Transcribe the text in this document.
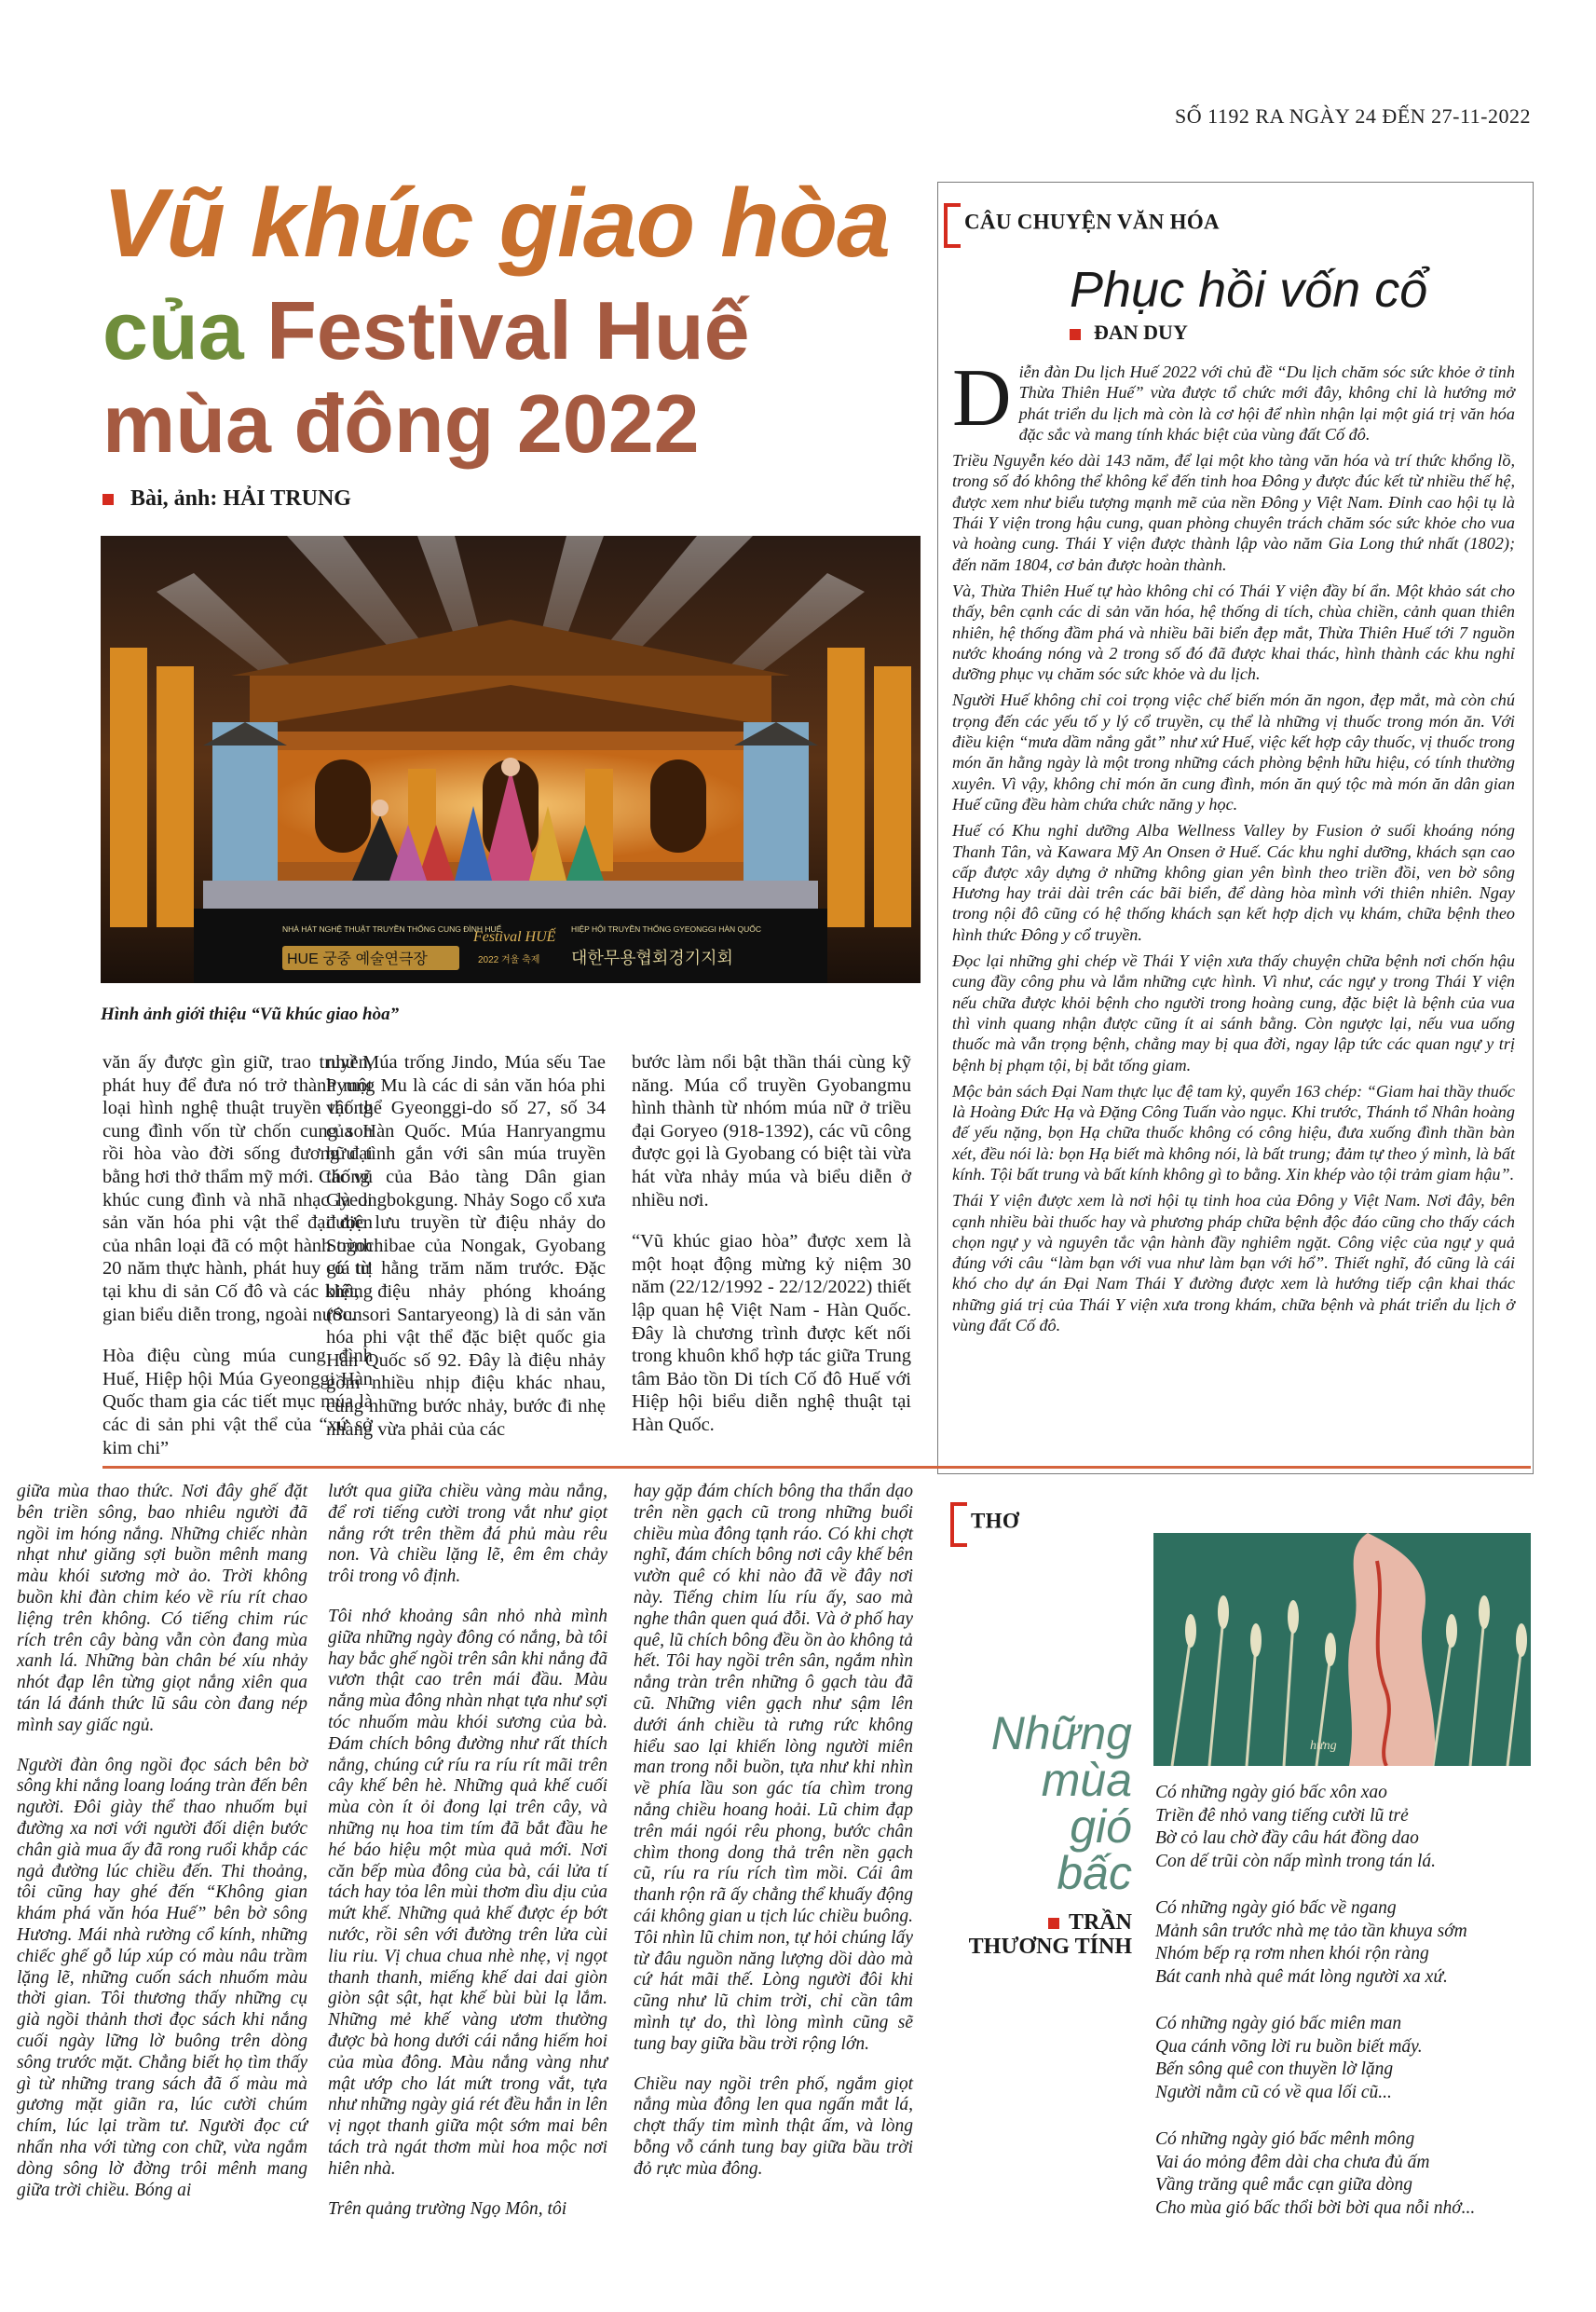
SỐ 1192 RA NGÀY 24 ĐẾN 27-11-2022
Vũ khúc giao hòa
của Festival Huế
mùa đông 2022
Bài, ảnh: HẢI TRUNG
NHÀ HÁT NGHỆ THUẬT TRUYỀN THỐNG CUNG ĐÌNH HUẾ
HUE 궁중 예술연극장
Festival HUẾ
2022 겨울 축제
HIỆP HỘI TRUYỀN THỐNG GYEONGGI HÀN QUỐC
대한무용협회경기지회
Hình ảnh giới thiệu “Vũ khúc giao hòa”

văn ấy được gìn giữ, trao truyền, phát huy để đưa nó trở thành một loại hình nghệ thuật truyền thống cung đình vốn từ chốn cung son rồi hòa vào đời sống đương đại bằng hơi thở thẩm mỹ mới. Các vũ khúc cung đình và nhã nhạc là di sản văn hóa phi vật thể đại diện của nhân loại đã có một hành trình 20 năm thực hành, phát huy giá trị tại khu di sản Cố đô và các không gian biểu diễn trong, ngoài nước.

Hòa điệu cùng múa cung đình Huế, Hiệp hội Múa Gyeonggi Hàn Quốc tham gia các tiết mục múa là các di sản phi vật thể của “xứ sở kim chi”

như Múa trống Jindo, Múa sếu Tae Pyung Mu là các di sản văn hóa phi vật thể Gyeonggi-do số 27, số 34 của Hàn Quốc. Múa Hanryangmu hữu tình gắn với sân múa truyền thống của Bảo tàng Dân gian Gyeongbokgung. Nhảy Sogo cổ xưa được lưu truyền từ điệu nhảy do Sogochibae của Nongak, Gyobang có từ hằng trăm năm trước. Đặc biệt, điệu nhảy phóng khoáng (Sunsori Santaryeong) là di sản văn hóa phi vật thể đặc biệt quốc gia Hàn Quốc số 92. Đây là điệu nhảy gồm nhiều nhịp điệu khác nhau, cùng những bước nhảy, bước đi nhẹ nhàng vừa phải của các

bước làm nổi bật thần thái cùng kỹ năng. Múa cổ truyền Gyobangmu hình thành từ nhóm múa nữ ở triều đại Goryeo (918-1392), các vũ công được gọi là Gyobang có biệt tài vừa hát vừa nhảy múa và biểu diễn ở nhiều nơi.

“Vũ khúc giao hòa” được xem là một hoạt động mừng kỷ niệm 30 năm (22/12/1992 - 22/12/2022) thiết lập quan hệ Việt Nam - Hàn Quốc. Đây là chương trình được kết nối trong khuôn khổ hợp tác giữa Trung tâm Bảo tồn Di tích Cố đô Huế với Hiệp hội biểu diễn nghệ thuật tại Hàn Quốc.

CÂU CHUYỆN VĂN HÓA
Phục hồi vốn cổ
ĐAN DUY

Diễn đàn Du lịch Huế 2022 với chủ đề “Du lịch chăm sóc sức khỏe ở tỉnh Thừa Thiên Huế” vừa được tổ chức mới đây, không chỉ là hướng mở phát triển du lịch mà còn là cơ hội để nhìn nhận lại một giá trị văn hóa đặc sắc và mang tính khác biệt của vùng đất Cố đô.

Triều Nguyễn kéo dài 143 năm, để lại một kho tàng văn hóa và trí thức khổng lồ, trong số đó không thể không kể đến tinh hoa Đông y được đúc kết từ nhiều thế hệ, được xem như biểu tượng mạnh mẽ của nền Đông y Việt Nam. Đỉnh cao hội tụ là Thái Y viện trong hậu cung, quan phòng chuyên trách chăm sóc sức khỏe cho vua và hoàng cung. Thái Y viện được thành lập vào năm Gia Long thứ nhất (1802); đến năm 1804, cơ bản được hoàn thành.

Và, Thừa Thiên Huế tự hào không chỉ có Thái Y viện đầy bí ẩn. Một khảo sát cho thấy, bên cạnh các di sản văn hóa, hệ thống di tích, chùa chiền, cảnh quan thiên nhiên, hệ thống đầm phá và nhiều bãi biển đẹp mắt, Thừa Thiên Huế tới 7 nguồn nước khoáng nóng và 2 trong số đó đã được khai thác, hình thành các khu nghỉ dưỡng phục vụ chăm sóc sức khỏe và du lịch.

Người Huế không chỉ coi trọng việc chế biến món ăn ngon, đẹp mắt, mà còn chú trọng đến các yếu tố y lý cổ truyền, cụ thể là những vị thuốc trong món ăn. Với điều kiện “mưa dầm nắng gắt” như xứ Huế, việc kết hợp cây thuốc, vị thuốc trong món ăn hằng ngày là một trong những cách phòng bệnh hữu hiệu, có tính thường xuyên. Vì vậy, không chỉ món ăn cung đình, món ăn quý tộc mà món ăn dân gian Huế cũng đều hàm chứa chức năng y học.

Huế có Khu nghỉ dưỡng Alba Wellness Valley by Fusion ở suối khoáng nóng Thanh Tân, và Kawara Mỹ An Onsen ở Huế. Các khu nghỉ dưỡng, khách sạn cao cấp được xây dựng ở những không gian yên bình theo triền đồi, ven bờ sông Hương hay trải dài trên các bãi biển, để dàng hòa mình với thiên nhiên. Ngay trong nội đô cũng có hệ thống khách sạn kết hợp dịch vụ khám, chữa bệnh theo hình thức Đông y cổ truyền.

Đọc lại những ghi chép về Thái Y viện xưa thấy chuyện chữa bệnh nơi chốn hậu cung đầy công phu và lắm những cực hình. Vì như, các ngự y trong Thái Y viện nếu chữa được khỏi bệnh cho người trong hoàng cung, đặc biệt là bệnh của vua thì vinh quang nhận được cũng ít ai sánh bằng. Còn ngược lại, nếu vua uống thuốc mà vẫn trọng bệnh, chẳng may bị qua đời, ngay lập tức các quan ngự y trị bệnh bị phạm tội, bị bắt tống giam.

Mộc bản sách Đại Nam thực lục đệ tam kỷ, quyển 163 chép: “Giam hai thầy thuốc là Hoàng Đức Hạ và Đặng Công Tuấn vào ngục. Khi trước, Thánh tổ Nhân hoàng đế yếu nặng, bọn Hạ chữa thuốc không có công hiệu, đưa xuống đình thần bàn xét, đều nói là: bọn Hạ biết mà không nói, là bất trung; đảm tự theo ý mình, là bất kính. Tội bất trung và bất kính không gì to bằng. Xin khép vào tội trảm giam hậu”.

Thái Y viện được xem là nơi hội tụ tinh hoa của Đông y Việt Nam. Nơi đây, bên cạnh nhiều bài thuốc hay và phương pháp chữa bệnh độc đáo cũng cho thấy cách chọn ngự y và nguyên tắc vận hành đầy nghiêm ngặt. Công việc của ngự y quả đúng với câu “làm bạn với vua như làm bạn với hổ”. Thiết nghĩ, đó cũng là cái khó cho dự án Đại Nam Thái Y đường được xem là hướng tiếp cận khai thác những giá trị của Thái Y viện xưa trong khám, chữa bệnh và phát triển du lịch ở vùng đất Cố đô.

giữa mùa thao thức. Nơi đây ghế đặt bên triền sông, bao nhiêu người đã ngồi im hóng nắng. Những chiếc nhàn nhạt như giăng sợi buồn mênh mang màu khói sương mờ ảo. Trời không buồn khi đàn chim kéo về ríu rít chao liệng trên không. Có tiếng chim rúc rích trên cây bàng vẫn còn đang mùa xanh lá. Những bàn chân bé xíu nhảy nhót đạp lên từng giọt nắng xiên qua tán lá đánh thức lũ sâu còn đang nép mình say giấc ngủ.

Người đàn ông ngồi đọc sách bên bờ sông khi nắng loang loáng tràn đến bên người. Đôi giày thể thao nhuốm bụi đường xa nơi với người đối diện bước chân già mua ấy đã rong ruổi khắp các ngả đường lúc chiều đến. Thi thoảng, tôi cũng hay ghé đến “Không gian khám phá văn hóa Huế” bên bờ sông Hương. Mái nhà rường cổ kính, những chiếc ghế gỗ lúp xúp có màu nâu trầm lặng lẽ, những cuốn sách nhuốm màu thời gian. Tôi thương thấy những cụ già ngồi thảnh thơi đọc sách khi nắng cuối ngày lững lờ buông trên dòng sông trước mặt. Chẳng biết họ tìm thấy gì từ những trang sách đã ố màu mà gương mặt giãn ra, lúc cười chúm chím, lúc lại trầm tư. Người đọc cứ nhẩn nha với từng con chữ, vừa ngắm dòng sông lờ đờng trôi mênh mang giữa trời chiều. Bóng ai

lướt qua giữa chiều vàng màu nắng, để rơi tiếng cười trong vắt như giọt nắng rớt trên thềm đá phủ màu rêu non. Và chiều lặng lẽ, êm êm chảy trôi trong vô định.

Tôi nhớ khoảng sân nhỏ nhà mình giữa những ngày đông có nắng, bà tôi hay bắc ghế ngồi trên sân khi nắng đã vươn thật cao trên mái đầu. Màu nắng mùa đông nhàn nhạt tựa như sợi tóc nhuốm màu khói sương của bà. Đám chích bông đường như rất thích nắng, chúng cứ ríu ra ríu rít mãi trên cây khế bên hè. Những quả khế cuối mùa còn ít ỏi đong lại trên cây, và những nụ hoa tim tím đã bắt đầu he hé báo hiệu một mùa quả mới. Nơi căn bếp mùa đông của bà, cái lửa tí tách hay tỏa lên mùi thơm dìu dịu của mứt khế. Những quả khế được ép bớt nước, rồi sên với đường trên lửa cùi liu riu. Vị chua chua nhè nhẹ, vị ngọt thanh thanh, miếng khế dai dai giòn giòn sật sật, hạt khế bùi bùi lạ lắm. Những mẻ khế vàng ươm thường được bà hong dưới cái nắng hiếm hoi của mùa đông. Màu nắng vàng như mật ướp cho lát mứt trong vắt, tựa như những ngày giá rét đều hắn in lên vị ngọt thanh giữa một sớm mai bên tách trà ngát thơm mùi hoa mộc nơi hiên nhà.

Trên quảng trường Ngọ Môn, tôi

hay gặp đám chích bông tha thẩn dạo trên nền gạch cũ trong những buổi chiều mùa đông tạnh ráo. Có khi chợt nghĩ, đám chích bông nơi cây khế bên vườn quê có khi nào đã về đây nơi này. Tiếng chim líu ríu ấy, sao mà nghe thân quen quá đỗi. Và ở phố hay quê, lũ chích bông đều ồn ào không tả hết. Tôi hay ngồi trên sân, ngắm nhìn nắng tràn trên những ô gạch tàu đã cũ. Những viên gạch như sậm lên dưới ánh chiều tà rưng rức không hiểu sao lại khiến lòng người miên man trong nỗi buồn, tựa như khi nhìn về phía lầu son gác tía chìm trong nắng chiều hoang hoải. Lũ chim đạp trên mái ngói rêu phong, bước chân chìm thong dong thả trên nền gạch cũ, ríu ra ríu rích tìm mồi. Cái âm thanh rộn rã ấy chẳng thể khuấy động cái không gian u tịch lúc chiều buông. Tôi nhìn lũ chim non, tự hỏi chúng lấy từ đâu nguồn năng lượng dồi dào mà cứ hát mãi thế. Lòng người đôi khi cũng như lũ chim trời, chỉ cần tâm mình tự do, thì lòng mình cũng sẽ tung bay giữa bầu trời rộng lớn.

Chiều nay ngồi trên phố, ngắm giọt nắng mùa đông len qua ngấn mắt lá, chợt thấy tim mình thật ấm, và lòng bỗng vỗ cánh tung bay giữa bầu trời đỏ rực mùa đông.

THƠ
hưng
Những
mùa
gió
bấc
TRẦN
THƯƠNG TÍNH
Có những ngày gió bấc xôn xao
Triền đê nhỏ vang tiếng cười lũ trẻ
Bờ cỏ lau chờ đầy câu hát đồng dao
Con dế trũi còn nấp mình trong tán lá.
Có những ngày gió bấc về ngang
Mảnh sân trước nhà mẹ tảo tần khuya sớm
Nhóm bếp rạ rơm nhen khói rộn ràng
Bát canh nhà quê mát lòng người xa xứ.
Có những ngày gió bấc miên man
Qua cánh võng lời ru buồn biết mấy.
Bến sông quê con thuyền lờ lặng
Người nằm cũ có về qua lối cũ...
Có những ngày gió bấc mênh mông
Vai áo mỏng đêm dài cha chưa đủ ấm
Vầng trăng quê mắc cạn giữa dòng
Cho mùa gió bấc thổi bời bời qua nỗi nhớ...
